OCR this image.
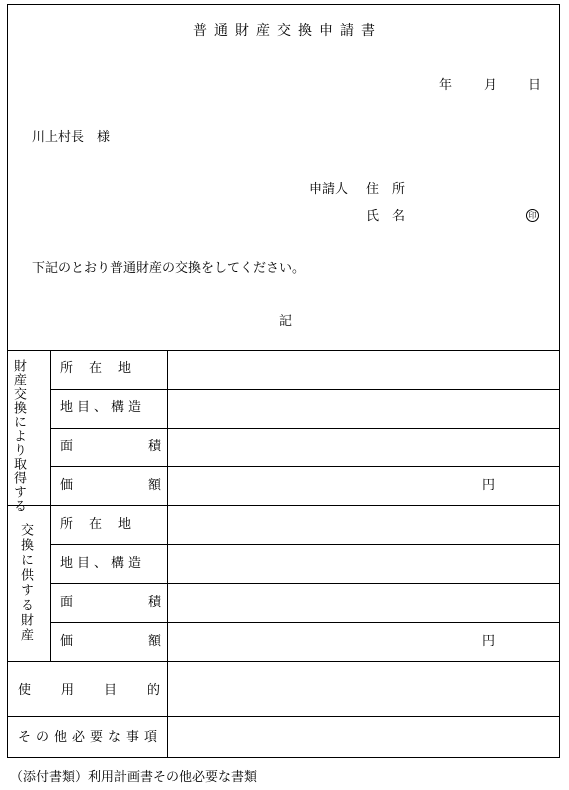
普通財産交換申請書
年 月 日
川上村長　様
申請人 住　所
氏　名	印
下記のとおり普通財産の交換をしてください。
記
財産交換により取得する	所在地
地目、構造
面積
価額	円
交換に供する財産 所在地
地目、構造
面積
価額	円
使用目的
その他必要な事項
（添付書類）利用計画書その他必要な書類
